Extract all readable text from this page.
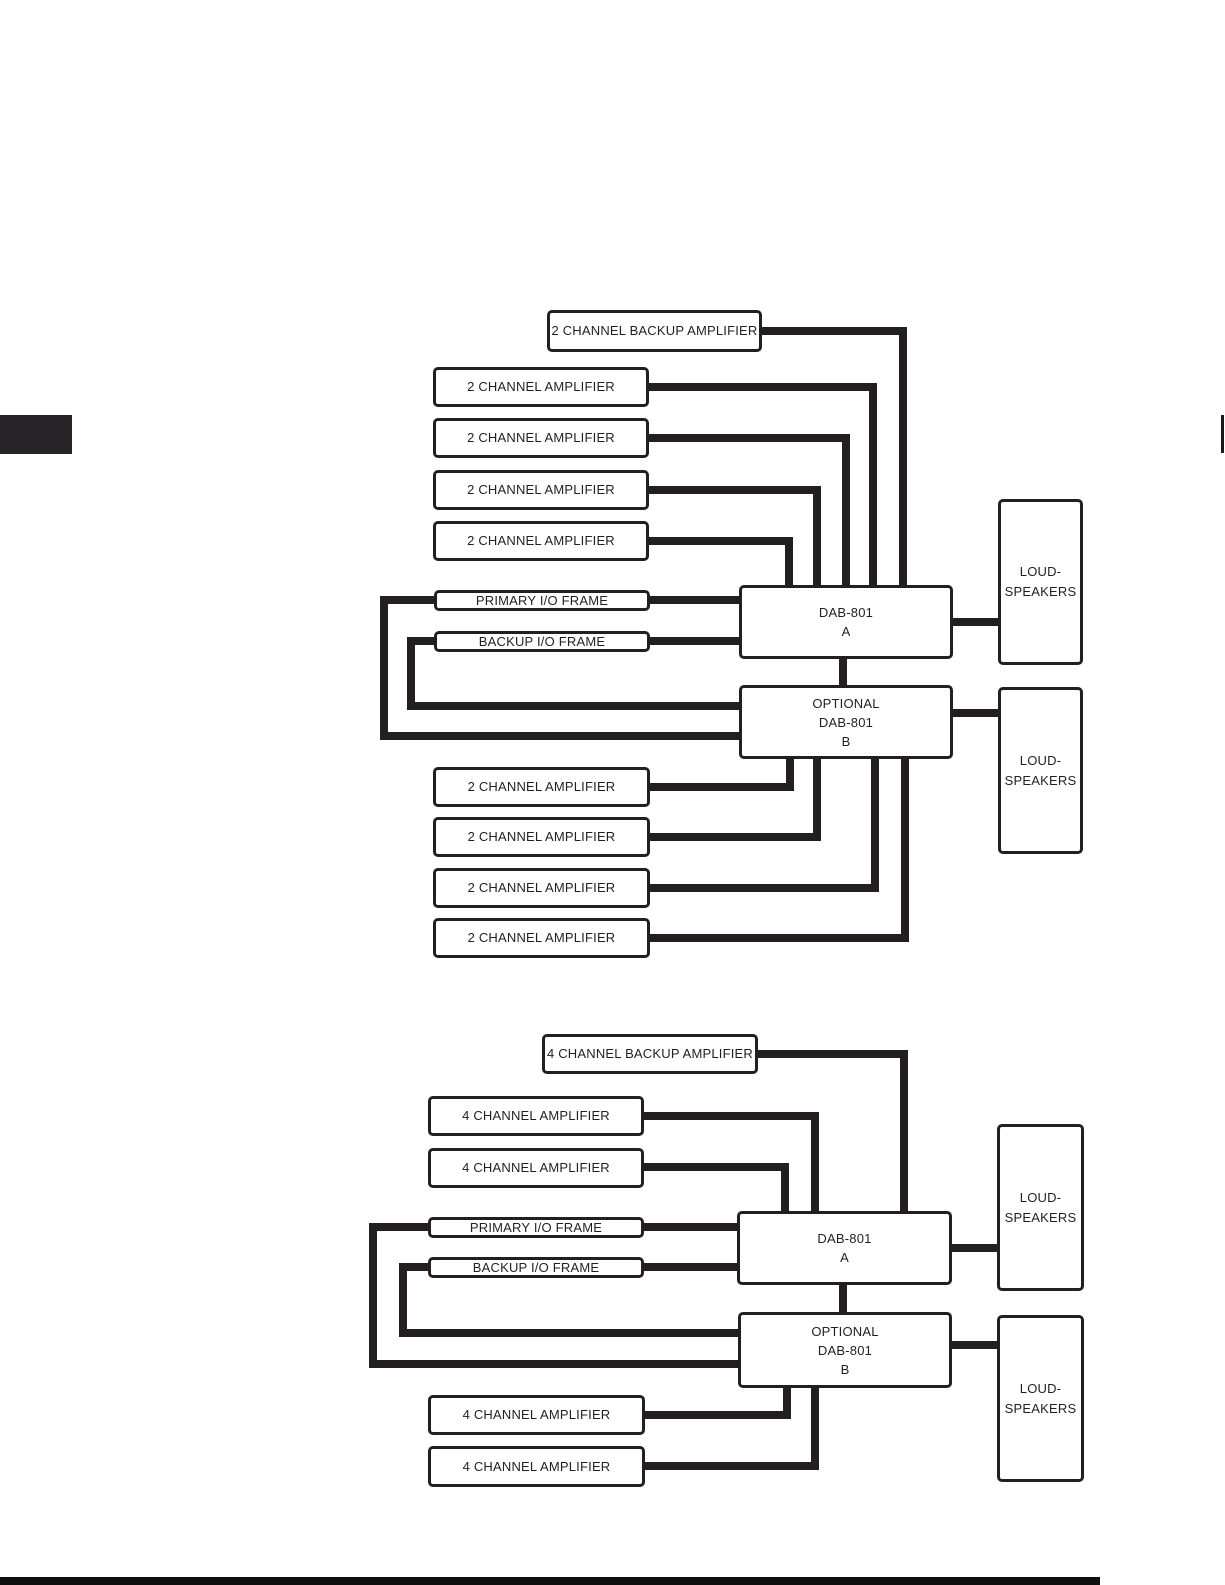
2 CHANNEL BACKUP AMPLIFIER
2 CHANNEL AMPLIFIER
2 CHANNEL AMPLIFIER
2 CHANNEL AMPLIFIER
2 CHANNEL AMPLIFIER
PRIMARY I/O FRAME
BACKUP I/O FRAME
DAB-801
A
OPTIONAL
DAB-801
B
LOUD-
SPEAKERS
LOUD-
SPEAKERS
2 CHANNEL AMPLIFIER
2 CHANNEL AMPLIFIER
2 CHANNEL AMPLIFIER
2 CHANNEL AMPLIFIER
4 CHANNEL BACKUP AMPLIFIER
4 CHANNEL AMPLIFIER
4 CHANNEL AMPLIFIER
PRIMARY I/O FRAME
BACKUP I/O FRAME
DAB-801
A
OPTIONAL
DAB-801
B
LOUD-
SPEAKERS
LOUD-
SPEAKERS
4 CHANNEL AMPLIFIER
4 CHANNEL AMPLIFIER
